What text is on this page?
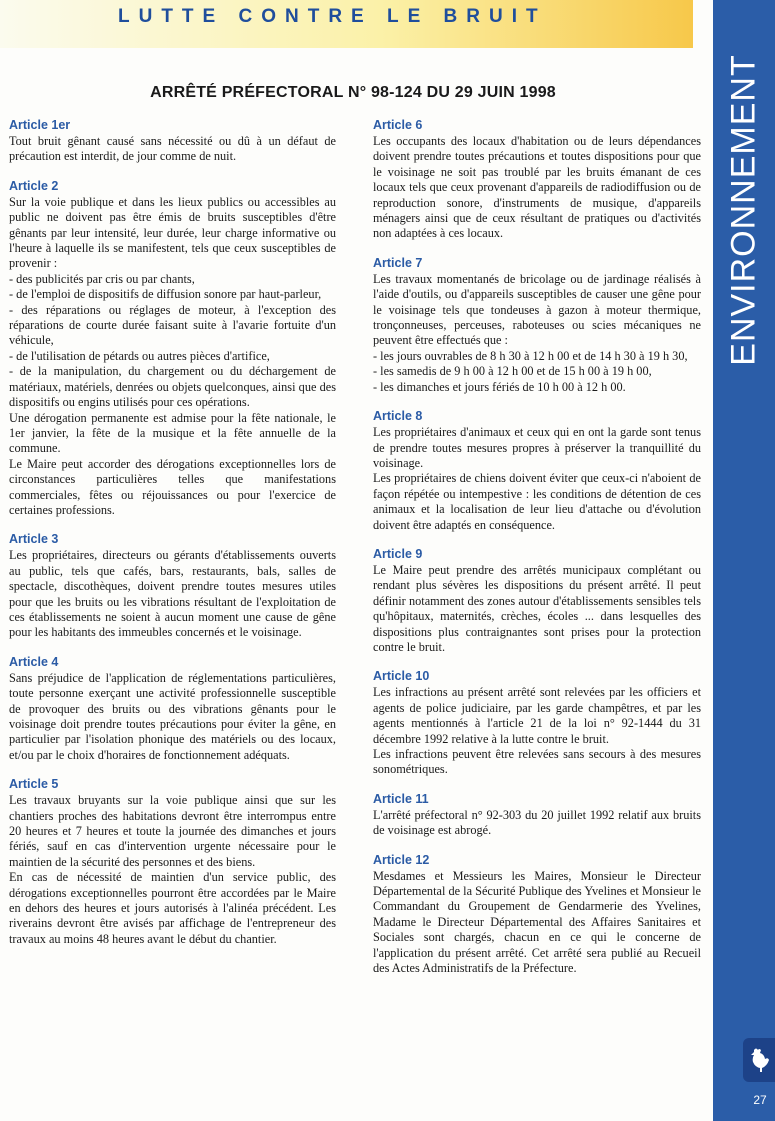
LUTTE CONTRE LE BRUIT
ENVIRONNEMENT
27
ARRÊTÉ PRÉFECTORAL N° 98-124 DU 29 JUIN 1998
Article 1er

Tout bruit gênant causé sans nécessité ou dû à un défaut de précaution est interdit, de jour comme de nuit.

Article 2

Sur la voie publique et dans les lieux publics ou accessibles au public ne doivent pas être émis de bruits susceptibles d'être gênants par leur intensité, leur durée, leur charge informative ou l'heure à laquelle ils se manifestent, tels que ceux susceptibles de provenir :

- des publicités par cris ou par chants,

- de l'emploi de dispositifs de diffusion sonore par haut-parleur,

- des réparations ou réglages de moteur, à l'exception des réparations de courte durée faisant suite à l'avarie fortuite d'un véhicule,

- de l'utilisation de pétards ou autres pièces d'artifice,

- de la manipulation, du chargement ou du déchargement de matériaux, matériels, denrées ou objets quelconques, ainsi que des dispositifs ou engins utilisés pour ces opérations.

Une dérogation permanente est admise pour la fête nationale, le 1er janvier, la fête de la musique et la fête annuelle de la commune.

Le Maire peut accorder des dérogations exceptionnelles lors de circonstances particulières telles que manifestations commerciales, fêtes ou réjouissances ou pour l'exercice de certaines professions.

Article 3

Les propriétaires, directeurs ou gérants d'établissements ouverts au public, tels que cafés, bars, restaurants, bals, salles de spectacle, discothèques, doivent prendre toutes mesures utiles pour que les bruits ou les vibrations résultant de l'exploitation de ces établissements ne soient à aucun moment une cause de gêne pour les habitants des immeubles concernés et le voisinage.

Article 4

Sans préjudice de l'application de réglementations particulières, toute personne exerçant une activité professionnelle susceptible de provoquer des bruits ou des vibrations gênants pour le voisinage doit prendre toutes précautions pour éviter la gêne, en particulier par l'isolation phonique des matériels ou des locaux, et/ou par le choix d'horaires de fonctionnement adéquats.

Article 5

Les travaux bruyants sur la voie publique ainsi que sur les chantiers proches des habitations devront être interrompus entre 20 heures et 7 heures et toute la journée des dimanches et jours fériés, sauf en cas d'intervention urgente nécessaire pour le maintien de la sécurité des personnes et des biens.

En cas de nécessité de maintien d'un service public, des dérogations exceptionnelles pourront être accordées par le Maire en dehors des heures et jours autorisés à l'alinéa précédent. Les riverains devront être avisés par affichage de l'entrepreneur des travaux au moins 48 heures avant le début du chantier.

Article 6

Les occupants des locaux d'habitation ou de leurs dépendances doivent prendre toutes précautions et toutes dispositions pour que le voisinage ne soit pas troublé par les bruits émanant de ces locaux tels que ceux provenant d'appareils de radiodiffusion ou de reproduction sonore, d'instruments de musique, d'appareils ménagers ainsi que de ceux résultant de pratiques ou d'activités non adaptées à ces locaux.

Article 7

Les travaux momentanés de bricolage ou de jardinage réalisés à l'aide d'outils, ou d'appareils susceptibles de causer une gêne pour le voisinage tels que tondeuses à gazon à moteur thermique, tronçonneuses, perceuses, raboteuses ou scies mécaniques ne peuvent être effectués que :

- les jours ouvrables de 8 h 30 à 12 h 00 et de 14 h 30 à 19 h 30,

- les samedis de 9 h 00 à 12 h 00 et de 15 h 00 à 19 h 00,

- les dimanches et jours fériés de 10 h 00 à 12 h 00.

Article 8

Les propriétaires d'animaux et ceux qui en ont la garde sont tenus de prendre toutes mesures propres à préserver la tranquillité du voisinage.

Les propriétaires de chiens doivent éviter que ceux-ci n'aboient de façon répétée ou intempestive : les conditions de détention de ces animaux et la localisation de leur lieu d'attache ou d'évolution doivent être adaptés en conséquence.

Article 9

Le Maire peut prendre des arrêtés municipaux complétant ou rendant plus sévères les dispositions du présent arrêté. Il peut définir notamment des zones autour d'établissements sensibles tels qu'hôpitaux, maternités, crèches, écoles ... dans lesquelles des dispositions plus contraignantes sont prises pour la protection contre le bruit.

Article 10

Les infractions au présent arrêté sont relevées par les officiers et agents de police judiciaire, par les garde champêtres, et par les agents mentionnés à l'article 21 de la loi n° 92-1444 du 31 décembre 1992 relative à la lutte contre le bruit.

Les infractions peuvent être relevées sans secours à des mesures sonométriques.

Article 11

L'arrêté préfectoral n° 92-303 du 20 juillet 1992 relatif aux bruits de voisinage est abrogé.

Article 12

Mesdames et Messieurs les Maires, Monsieur le Directeur Départemental de la Sécurité Publique des Yvelines et Monsieur le Commandant du Groupement de Gendarmerie des Yvelines, Madame le Directeur Départemental des Affaires Sanitaires et Sociales sont chargés, chacun en ce qui le concerne de l'application du présent arrêté. Cet arrêté sera publié au Recueil des Actes Administratifs de la Préfecture.
